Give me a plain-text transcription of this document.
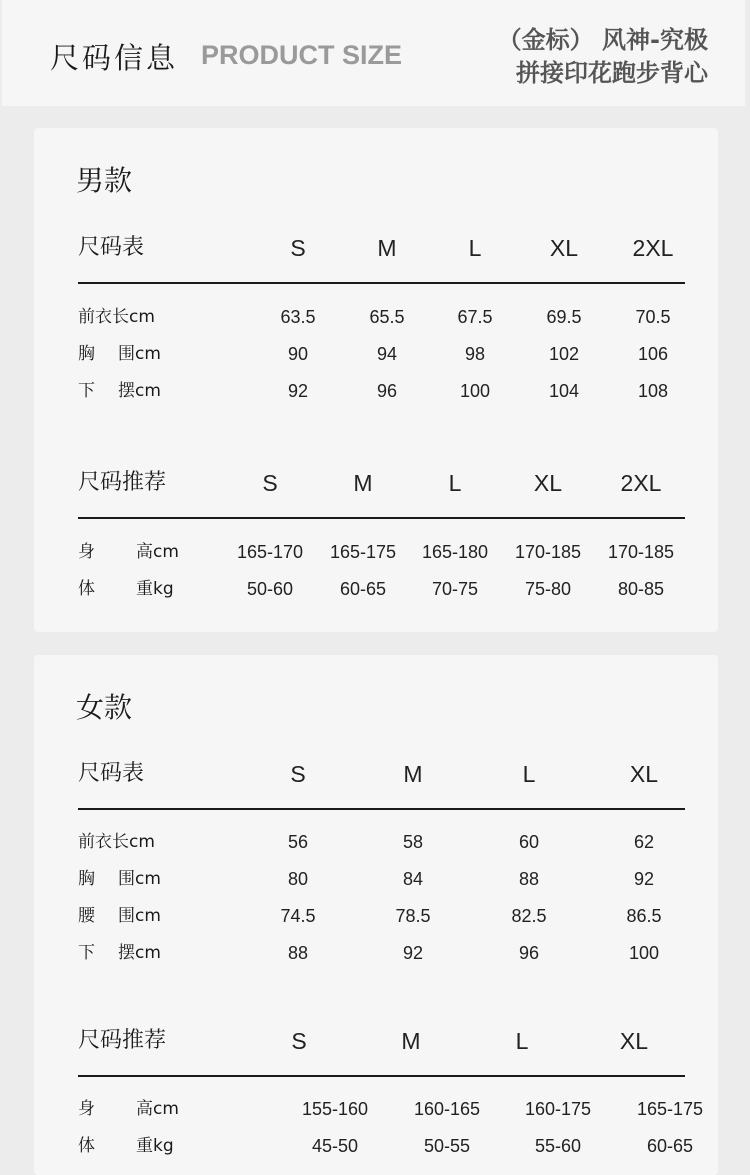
尺码信息 PRODUCT SIZE	（金标） 风神-究极
拼接印花跑步背心
男款
尺码表	S	M	L	XL	2XL
前衣长cm	63.5	65.5	67.5	69.5	70.5
胸 围cm	90	94	98	102	106
下 摆cm	92	96	100	104	108
尺码推荐	S	M	L	XL	2XL
身 高cm	165-170	165-175	165-180	170-185	170-185
体 重kg	50-60	60-65	70-75	75-80	80-85
女款
尺码表	S	M	L	XL
前衣长cm	56	58	60	62
胸 围cm	80	84	88	92
腰 围cm	74.5	78.5	82.5	86.5
下 摆cm	88	92	96	100
尺码推荐	S	M	L	XL
身 高cm	155-160	160-165	160-175	165-175
体 重kg	45-50	50-55	55-60	60-65
